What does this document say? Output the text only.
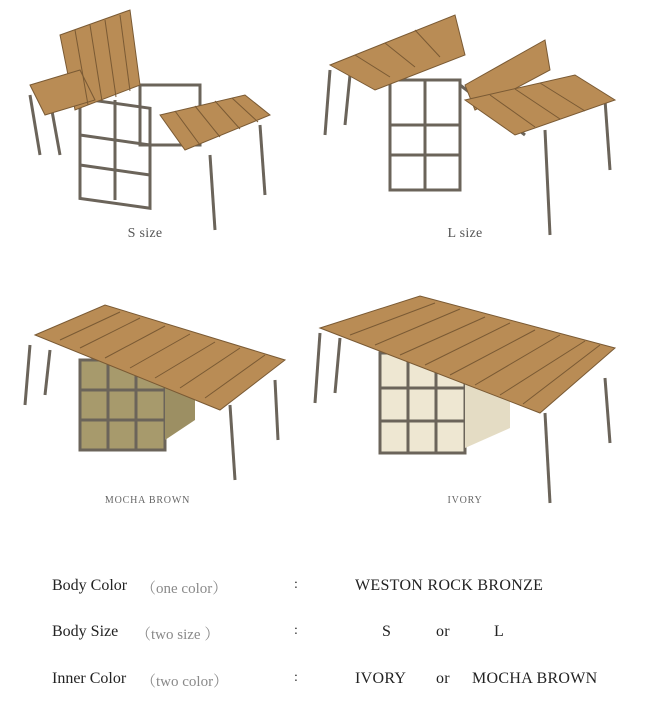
S size	L size
MOCHA BROWN	IVORY
Body Color （one color）	:	WESTON ROCK BRONZE
Body Size （two size ）	:	S	or	L
Inner Color （two color）	:	IVORY or MOCHA BROWN
